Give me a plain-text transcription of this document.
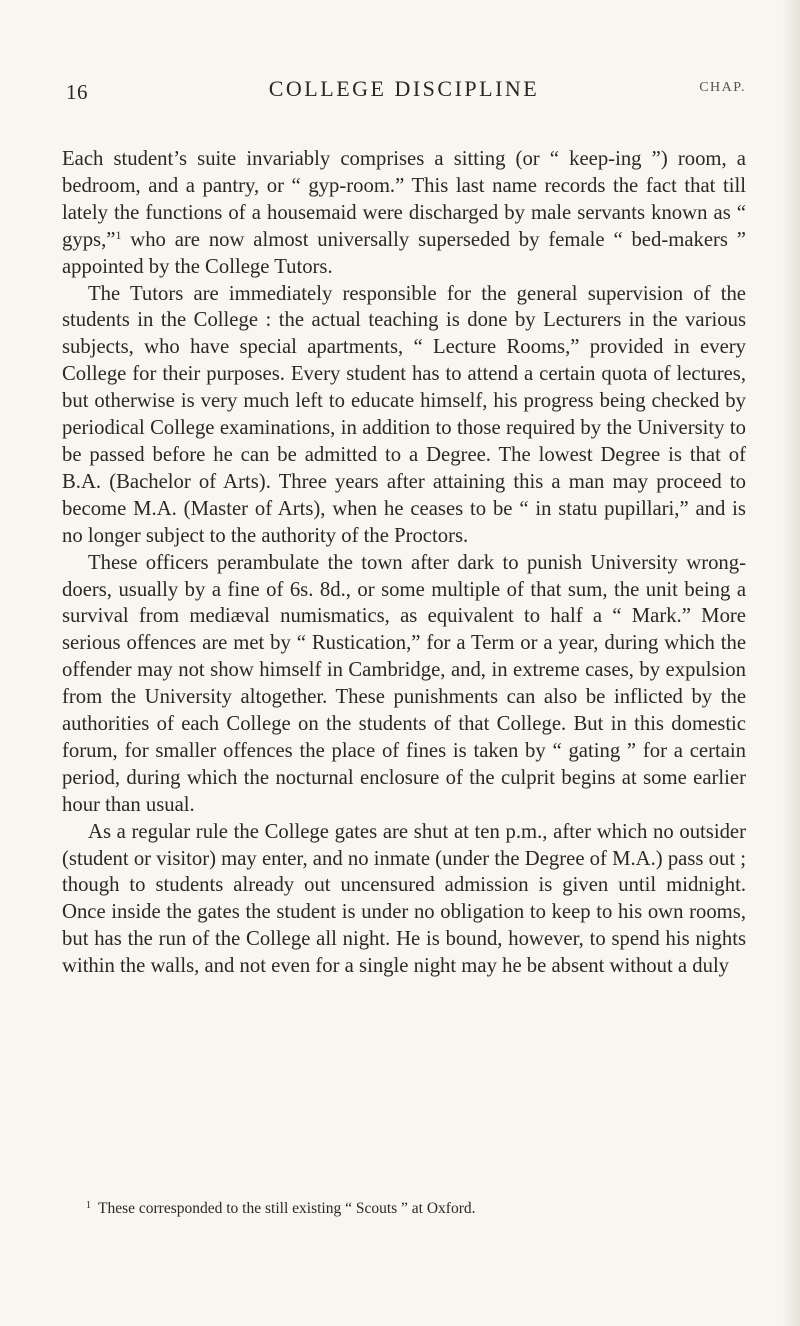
16	COLLEGE DISCIPLINE	CHAP.

Each student’s suite invariably comprises a sitting (or “ keep-ing ”) room, a bedroom, and a pantry, or “ gyp-room.” This last name records the fact that till lately the functions of a housemaid were discharged by male servants known as “ gyps,”$^1$ who are now almost universally superseded by female “ bed-makers ” appointed by the College Tutors.

The Tutors are immediately responsible for the general supervision of the students in the College : the actual teaching is done by Lecturers in the various subjects, who have special apartments, “ Lecture Rooms,” provided in every College for their purposes. Every student has to attend a certain quota of lectures, but otherwise is very much left to educate himself, his progress being checked by periodical College examinations, in addition to those required by the University to be passed before he can be admitted to a Degree. The lowest Degree is that of B.A. (Bachelor of Arts). Three years after attaining this a man may proceed to become M.A. (Master of Arts), when he ceases to be “ in statu pupillari,” and is no longer subject to the authority of the Proctors.

These officers perambulate the town after dark to punish University wrong-doers, usually by a fine of 6s. 8d., or some multiple of that sum, the unit being a survival from mediæval numismatics, as equivalent to half a “ Mark.” More serious offences are met by “ Rustication,” for a Term or a year, during which the offender may not show himself in Cambridge, and, in extreme cases, by expulsion from the University altogether. These punishments can also be inflicted by the authorities of each College on the students of that College. But in this domestic forum, for smaller offences the place of fines is taken by “ gating ” for a certain period, during which the nocturnal enclosure of the culprit begins at some earlier hour than usual.

As a regular rule the College gates are shut at ten p.m., after which no outsider (student or visitor) may enter, and no inmate (under the Degree of M.A.) pass out ; though to students already out uncensured admission is given until midnight. Once inside the gates the student is under no obligation to keep to his own rooms, but has the run of the College all night. He is bound, however, to spend his nights within the walls, and not even for a single night may he be absent without a duly

$^1$ These corresponded to the still existing “ Scouts ” at Oxford.
